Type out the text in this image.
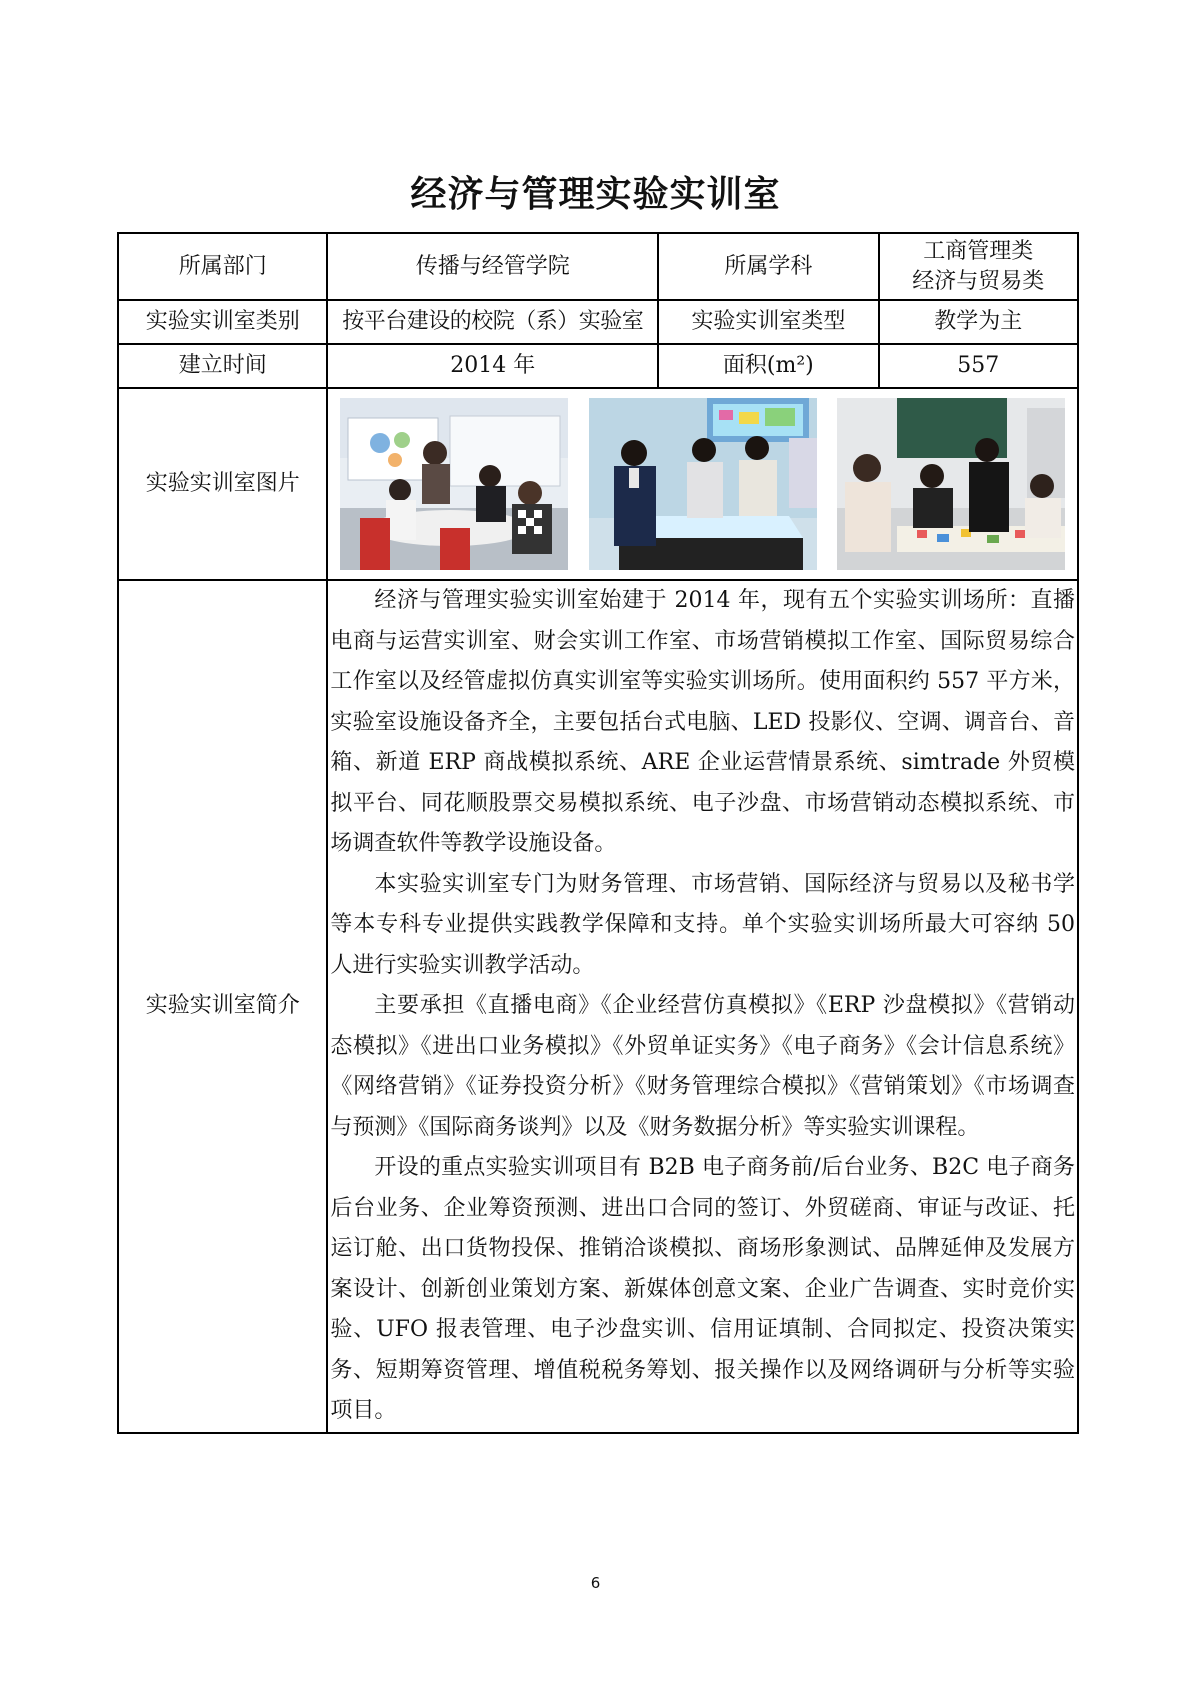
经济与管理实验实训室
所属部门	传播与经管学院	所属学科	工商管理类
经济与贸易类

实验实训室类别	按平台建设的校院（系）实验室	实验实训室类型	教学为主
建立时间	2014 年	面积(m²)	557
实验实训室图片	

实验实训室简介	经济与管理实验实训室始建于 2014 年，现有五个实验实训场所：直播电商与运营实训室、财会实训工作室、市场营销模拟工作室、国际贸易综合工作室以及经管虚拟仿真实训室等实验实训场所。使用面积约 557 平方米，实验室设施设备齐全，主要包括台式电脑、LED 投影仪、空调、调音台、音箱、新道 ERP 商战模拟系统、ARE 企业运营情景系统、simtrade 外贸模拟平台、同花顺股票交易模拟系统、电子沙盘、市场营销动态模拟系统、市场调查软件等教学设施设备。

本实验实训室专门为财务管理、市场营销、国际经济与贸易以及秘书学等本专科专业提供实践教学保障和支持。单个实验实训场所最大可容纳 50 人进行实验实训教学活动。

主要承担《直播电商》《企业经营仿真模拟》《ERP 沙盘模拟》《营销动态模拟》《进出口业务模拟》《外贸单证实务》《电子商务》《会计信息系统》《网络营销》《证券投资分析》《财务管理综合模拟》《营销策划》《市场调查与预测》《国际商务谈判》以及《财务数据分析》等实验实训课程。

开设的重点实验实训项目有 B2B 电子商务前/后台业务、B2C 电子商务后台业务、企业筹资预测、进出口合同的签订、外贸磋商、审证与改证、托运订舱、出口货物投保、推销洽谈模拟、商场形象测试、品牌延伸及发展方案设计、创新创业策划方案、新媒体创意文案、企业广告调查、实时竞价实验、UFO 报表管理、电子沙盘实训、信用证填制、合同拟定、投资决策实务、短期筹资管理、增值税税务筹划、报关操作以及网络调研与分析等实验项目。		

6
